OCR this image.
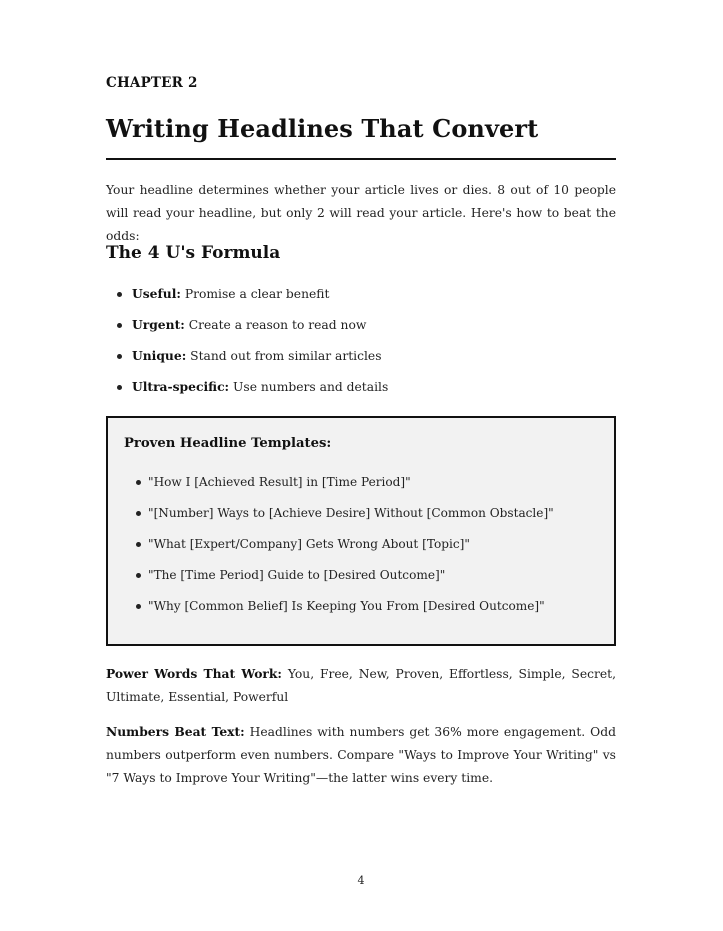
CHAPTER 2
Writing Headlines That Convert

Your headline determines whether your article lives or dies. 8 out of 10 people will read your headline, but only 2 will read your article. Here's how to beat the odds:

The 4 U's Formula
Useful: Promise a clear benefit
Urgent: Create a reason to read now
Unique: Stand out from similar articles
Ultra-specific: Use numbers and details
Proven Headline Templates:
"How I [Achieved Result] in [Time Period]"
"[Number] Ways to [Achieve Desire] Without [Common Obstacle]"
"What [Expert/Company] Gets Wrong About [Topic]"
"The [Time Period] Guide to [Desired Outcome]"
"Why [Common Belief] Is Keeping You From [Desired Outcome]"

Power Words That Work: You, Free, New, Proven, Effortless, Simple, Secret, Ultimate, Essential, Powerful

Numbers Beat Text: Headlines with numbers get 36% more engagement. Odd numbers outperform even numbers. Compare "Ways to Improve Your Writing" vs "7 Ways to Improve Your Writing"—the latter wins every time.

4
